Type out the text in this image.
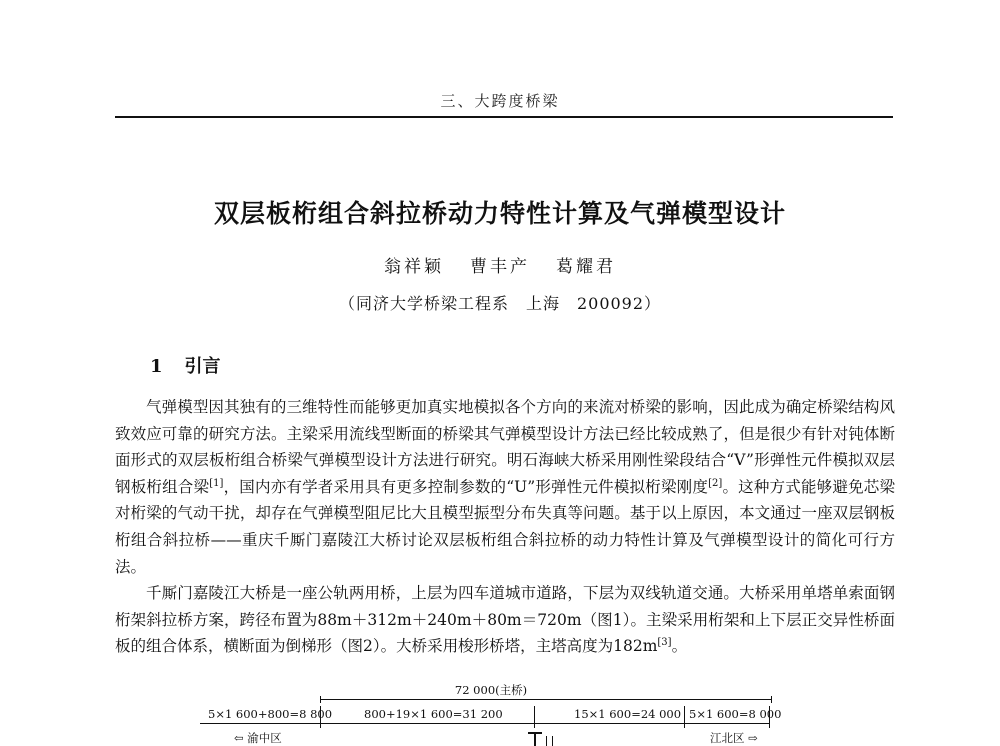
三、大跨度桥梁
双层板桁组合斜拉桥动力特性计算及气弹模型设计
翁祥颖 曹丰产 葛耀君
（同济大学桥梁工程系　上海　200092）
1 引言

气弹模型因其独有的三维特性而能够更加真实地模拟各个方向的来流对桥梁的影响，因此成为确定桥梁结构风致效应可靠的研究方法。主梁采用流线型断面的桥梁其气弹模型设计方法已经比较成熟了，但是很少有针对钝体断面形式的双层板桁组合桥梁气弹模型设计方法进行研究。明石海峡大桥采用刚性梁段结合“V”形弹性元件模拟双层钢板桁组合梁[1]，国内亦有学者采用具有更多控制参数的“U”形弹性元件模拟桁梁刚度[2]。这种方式能够避免芯梁对桁梁的气动干扰，却存在气弹模型阻尼比大且模型振型分布失真等问题。基于以上原因，本文通过一座双层钢板桁组合斜拉桥——重庆千厮门嘉陵江大桥讨论双层板桁组合斜拉桥的动力特性计算及气弹模型设计的简化可行方法。

千厮门嘉陵江大桥是一座公轨两用桥，上层为四车道城市道路，下层为双线轨道交通。大桥采用单塔单索面钢桁架斜拉桥方案，跨径布置为88m＋312m＋240m＋80m＝720m（图1）。主梁采用桁架和上下层正交异性桥面板的组合体系，横断面为倒梯形（图2）。大桥采用梭形桥塔，主塔高度为182m[3]。

72 000(主桥)
5×1 600+800=8 800	800+19×1 600=31 200	15×1 600=24 000 5×1 600=8 000
⇦ 渝中区	江北区 ⇨
